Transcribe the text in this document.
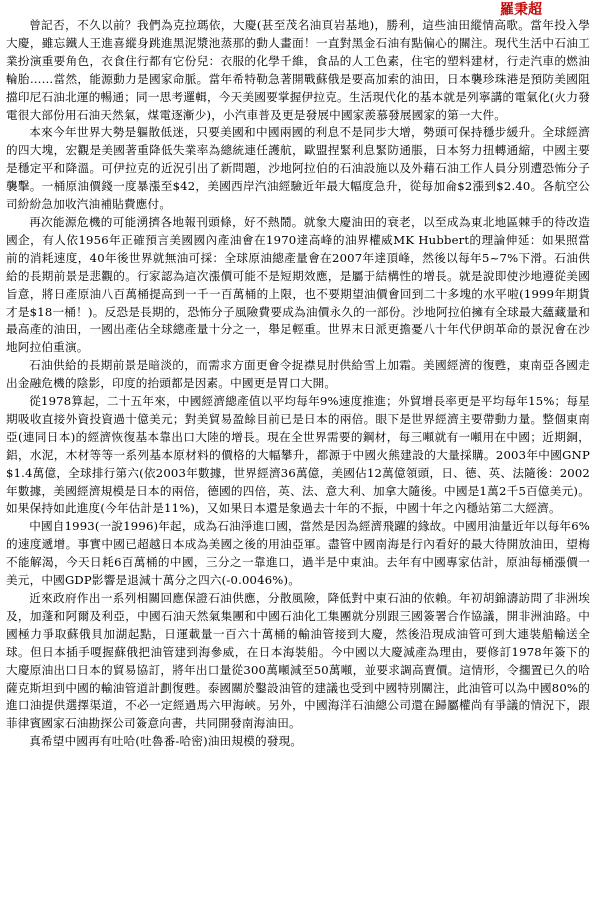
羅秉超

曾記否，不久以前？我們為克拉瑪依，大慶(甚至茂名油頁岩基地)，勝利，這些油田縱情高歌。當年投入學大慶，雖忘鐵人王進喜縱身跳進黑泥漿池蒸那的動人畫面！一直對黑金石油有點偏心的關注。現代生活中石油工業扮演重要角色，衣食住行都有它份兒：衣服的化學千維，食品的人工色素，住宅的塑料建材，行走汽車的燃油輪胎……當然，能源動力是國家命脈。當年希特勒急著開戰蘇俄是要高加索的油田，日本襲珍珠港是預防美國阻擋印尼石油北運的暢通；同一思考邏輯，今天美國要掌握伊拉克。生活現代化的基本就是列寧講的電氣化(火力發電很大部份用石油天然氣，煤電逐漸少)，小汽車普及更是發展中國家羨慕發展國家的第一大件。

本來今年世界大勢是軀散低迷，只要美國和中國兩國的利息不是同步大增，勢頭可保持穩步緩升。全球經濟的四大塊，宏觀是美國著重降低失業率為總統連任護航，歐盟捏緊利息緊防通脹，日本努力扭轉通縮，中國主要是穩定平和降溫。可伊拉克的近況引出了新問題，沙地阿拉伯的石油設施以及外藉石油工作人員分別遭恐怖分子襲擊。一桶原油價錢一度暴漲至$42，美國西岸汽油經驗近年最大幅度急升，從每加侖$2漲到$2.40。各航空公司紛紛急加收汽油補貼費應付。

再次能源危機的可能湧擠各地報刊頭條，好不熱鬧。就象大慶油田的衰老，以至成為東北地區棘手的待改造國企，有人依1956年正確預言美國國內產油會在1970達高峰的油界權威MK Hubbert的理論伸延：如果照當前的消耗速度，40年後世界就無油可採：全球原油總產量會在2007年達頂峰，然後以每年5~7%下滑。石油供給的長期前景是悲觀的。行家認為這次漲價可能不是短期效應，是屬于結構性的增長。就是說即使沙地遵從美國旨意，將日產原油八百萬桶提高到一千一百萬桶的上限，也不要期望油價會回到二十多塊的水平啦(1999年期貨才是$18一桶！)。反恐是長期的，恐怖分子風險費要成為油價永久的一部份。沙地阿拉伯擁有全球最大蘊藏量和最高產的油田，一國出產佔全球總產量十分之一，舉足輕重。世界末日派更擔憂八十年代伊朗革命的景況會在沙地阿拉伯重演。

石油供給的長期前景是暗淡的，而需求方面更會令捉襟見肘供給雪上加霜。美國經濟的復甦，東南亞各國走出金融危機的陰影，印度的抬頭都是因素。中國更是胃口大開。

從1978算起，二十五年來，中國經濟總產值以平均每年9%速度推進；外貿增長率更是平均每年15%；每星期吸收直接外資投資過十億美元；對美貿易盈餘目前已是日本的兩倍。眼下是世界經濟主要帶動力量。整個東南亞(連同日本)的經濟恢復基本靠出口大陸的增長。現在全世界需要的鋼材，每三噸就有一噸用在中國；近期銅，鋁，水泥，木材等等一系列基本原材料的價格的大幅攀升，都源于中國火熊建設的大量採購。2003年中國GNP$1.4萬億，全球排行第六(依2003年數據，世界經濟36萬億，美國佔12萬億領頭，日、德、英、法隨後：2002年數據，美國經濟規模是日本的兩倍，德國的四倍，英、法、意大利、加拿大隨後。中國是1萬2千5百億美元)。如果保持如此進度(今年估計是11%)，又如果日本還是象過去十年的不振，中國十年之內穩站第二大經濟。

中國自1993(一說1996)年起，成為石油淨進口國，當然是因為經濟飛躍的緣故。中國用油量近年以每年6%的速度遞增。事實中國已超越日本成為美國之後的用油亞軍。盡管中國南海是行內看好的最大待開放油田，望梅不能解渴，今天日耗6百萬桶的中國，三分之一靠進口，過半是中東油。去年有中國專家估計，原油每桶漲價一美元，中國GDP影響是退減十萬分之四六(-0.0046%)。

近來政府作出一系列相關回應保證石油供應，分散風險，降低對中東石油的依賴。年初胡錦濤訪問了非洲埃及，加蓬和阿爾及利亞，中國石油天然氣集團和中國石油化工集團就分別跟三國簽署合作協議，開非洲油路。中國極力爭取蘇俄貝加湖起點，日運載量一百六十萬桶的輸油管接到大慶，然後沿現成油管可到大連裝船輸送全球。但日本插手嗄握蘇俄把油管建到海參威，在日本海裝船。今中國以大慶減產為理由，要修訂1978年簽下的大慶原油出口日本的貿易協訂，將年出口量從300萬噸減至50萬噸，並要求調高賣價。這情形，令擱置已久的哈薩克斯坦到中國的輸油管道計劃復甦。泰國關於鑿設油管的建議也受到中國特別關注，此油管可以為中國80%的進口油提供選擇渠道，不必一定經過馬六甲海峽。另外，中國海洋石油總公司還在歸屬權尚有爭議的情況下，跟菲律賓國家石油勘探公司簽意向書，共同開發南海油田。

真希望中國再有吐哈(吐魯番-哈密)油田規模的發現。
